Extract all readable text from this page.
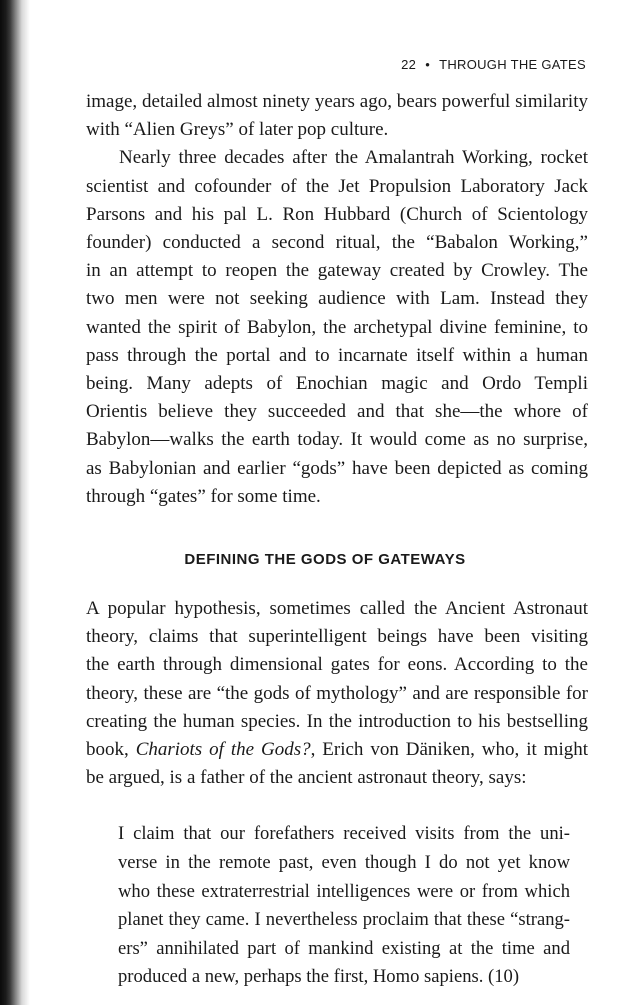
22 • THROUGH THE GATES
image, detailed almost ninety years ago, bears powerful similarity
with “Alien Greys” of later pop culture.
Nearly three decades after the Amalantrah Working, rocket
scientist and cofounder of the Jet Propulsion Laboratory Jack
Parsons and his pal L. Ron Hubbard (Church of Scientology
founder) conducted a second ritual, the “Babalon Working,”
in an attempt to reopen the gateway created by Crowley. The
two men were not seeking audience with Lam. Instead they
wanted the spirit of Babylon, the archetypal divine feminine, to
pass through the portal and to incarnate itself within a human
being. Many adepts of Enochian magic and Ordo Templi
Orientis believe they succeeded and that she—the whore of
Babylon—walks the earth today. It would come as no surprise,
as Babylonian and earlier “gods” have been depicted as coming
through “gates” for some time.
DEFINING THE GODS OF GATEWAYS
A popular hypothesis, sometimes called the Ancient Astronaut
theory, claims that superintelligent beings have been visiting
the earth through dimensional gates for eons. According to the
theory, these are “the gods of mythology” and are responsible for
creating the human species. In the introduction to his bestselling
book, Chariots of the Gods?, Erich von Däniken, who, it might
be argued, is a father of the ancient astronaut theory, says:
I claim that our forefathers received visits from the uni-
verse in the remote past, even though I do not yet know
who these extraterrestrial intelligences were or from which
planet they came. I nevertheless proclaim that these “strang-
ers” annihilated part of mankind existing at the time and
produced a new, perhaps the first, Homo sapiens. (10)
